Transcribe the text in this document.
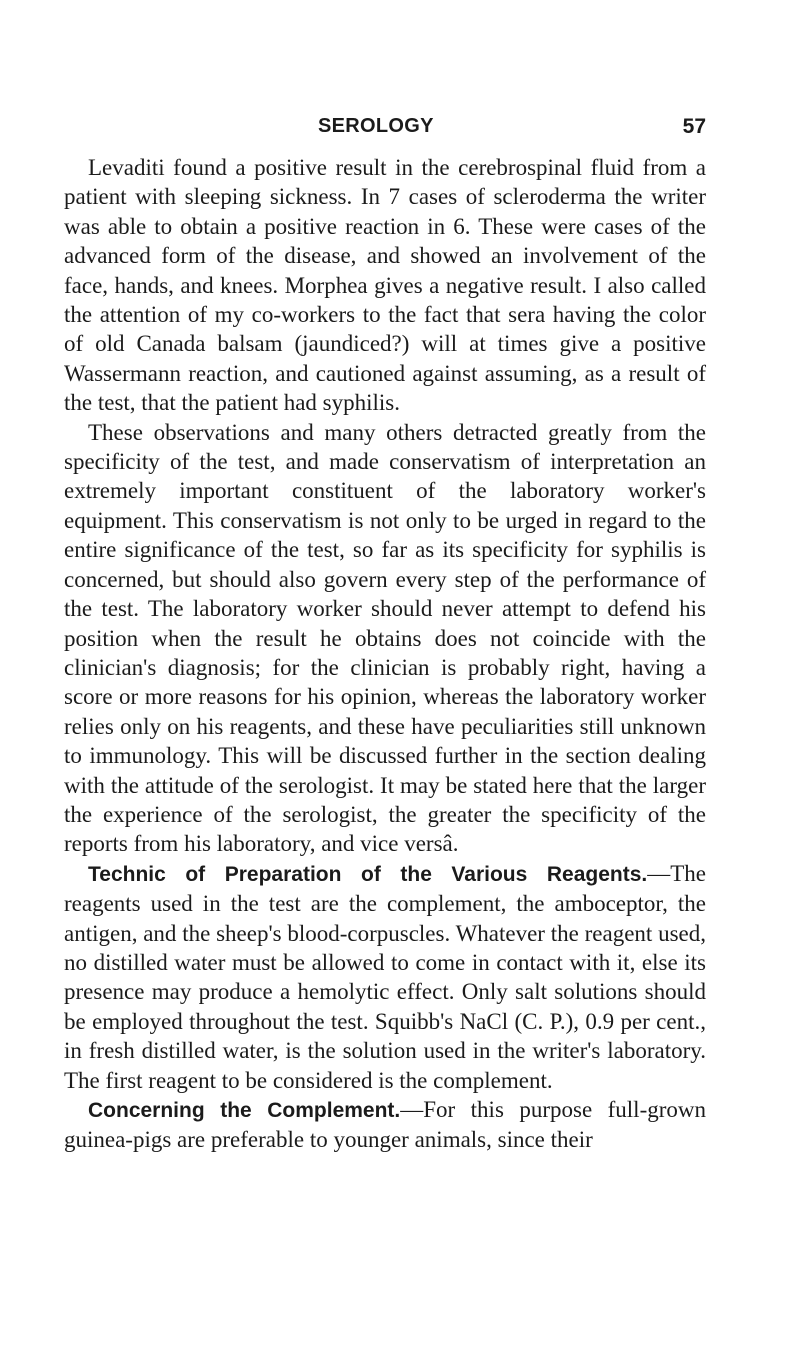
SEROLOGY	57

Levaditi found a positive result in the cerebrospinal fluid from a patient with sleeping sickness. In 7 cases of scleroderma the writer was able to obtain a positive reaction in 6. These were cases of the advanced form of the disease, and showed an involvement of the face, hands, and knees. Morphea gives a negative result. I also called the attention of my co-workers to the fact that sera having the color of old Canada balsam (jaundiced?) will at times give a positive Wassermann reaction, and cautioned against assuming, as a result of the test, that the patient had syphilis.

These observations and many others detracted greatly from the specificity of the test, and made conservatism of interpretation an extremely important constituent of the laboratory worker's equipment. This conservatism is not only to be urged in regard to the entire significance of the test, so far as its specificity for syphilis is concerned, but should also govern every step of the performance of the test. The laboratory worker should never attempt to defend his position when the result he obtains does not coincide with the clinician's diagnosis; for the clinician is probably right, having a score or more reasons for his opinion, whereas the laboratory worker relies only on his reagents, and these have peculiarities still unknown to immunology. This will be discussed further in the section dealing with the attitude of the serologist. It may be stated here that the larger the experience of the serologist, the greater the specificity of the reports from his laboratory, and vice versâ.

Technic of Preparation of the Various Reagents.—The reagents used in the test are the complement, the amboceptor, the antigen, and the sheep's blood-corpuscles. Whatever the reagent used, no distilled water must be allowed to come in contact with it, else its presence may produce a hemolytic effect. Only salt solutions should be employed throughout the test. Squibb's NaCl (C. P.), 0.9 per cent., in fresh distilled water, is the solution used in the writer's laboratory. The first reagent to be considered is the complement.

Concerning the Complement.—For this purpose full-grown guinea-pigs are preferable to younger animals, since their
